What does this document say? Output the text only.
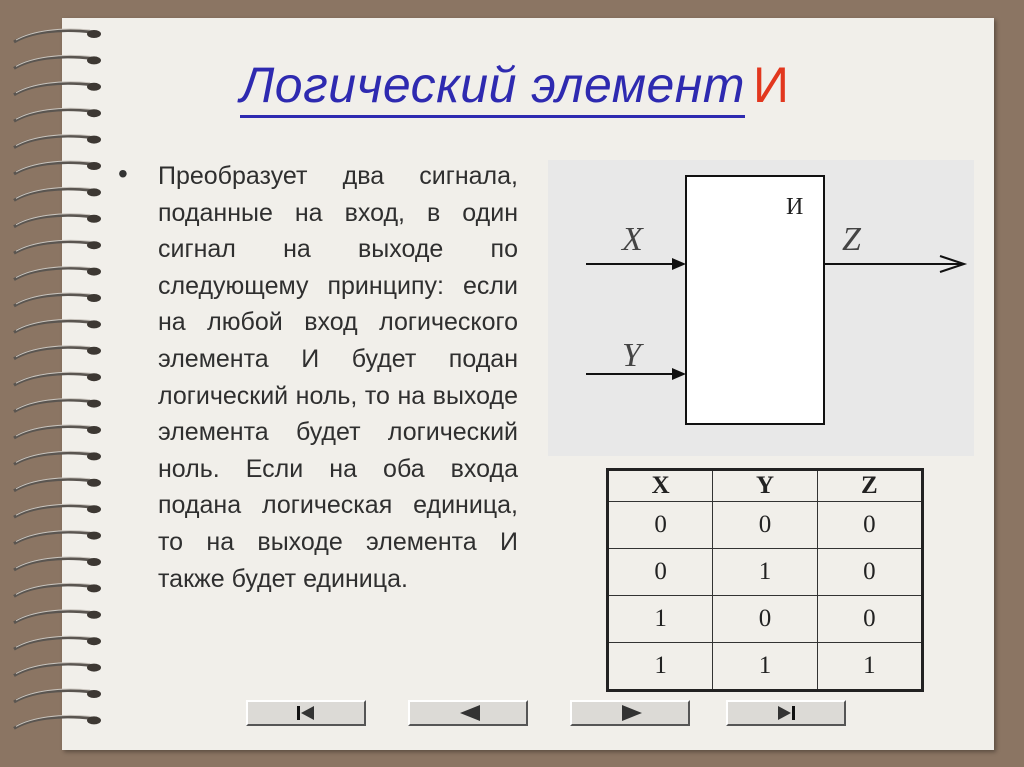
Логический элемент И
• Преобразует два сигнала, поданные на вход, в один сигнал на выходе по следующему принципу: если на любой вход логического элемента И будет подан логический ноль, то на выходе элемента будет логический ноль. Если на оба входа подана логическая единица, то на выходе элемента И также будет единица.
И
X
Y
Z
X	Y	Z
0	0	0
0	1	0
1	0	0
1	1	1
